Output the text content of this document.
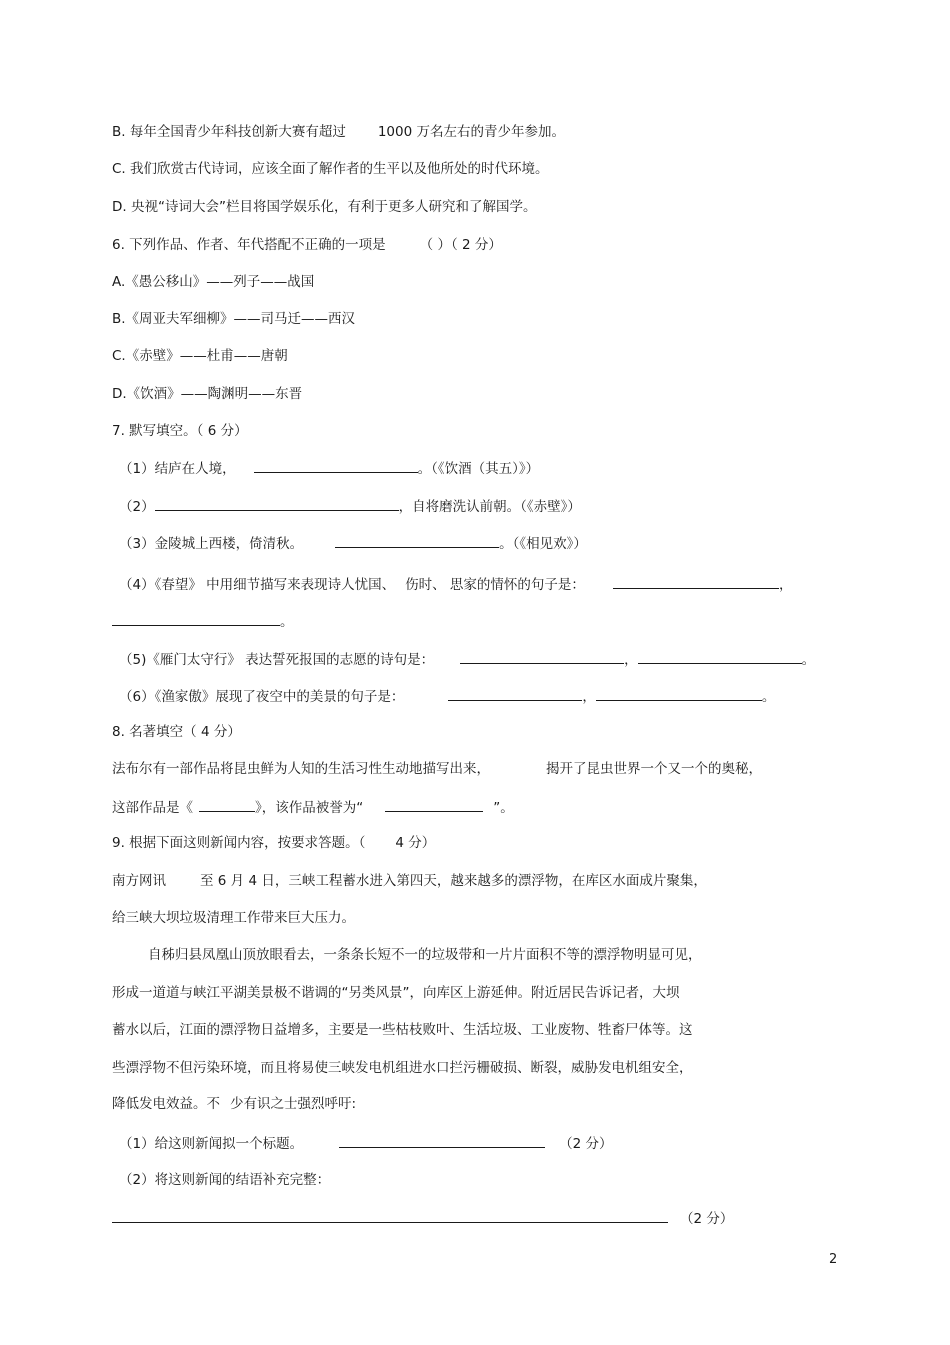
B. 每年全国青少年科技创新大赛有超过 1000 万名左右的青少年参加。
C. 我们欣赏古代诗词，应该全面了解作者的生平以及他所处的时代环境。
D. 央视“诗词大会”栏目将国学娱乐化，有利于更多人研究和了解国学。
6. 下列作品、作者、年代搭配不正确的一项是	（ ）（ 2 分）
A.《愚公移山》——列子——战国
B.《周亚夫军细柳》——司马迁——西汉
C.《赤壁》——杜甫——唐朝
D.《饮酒》——陶渊明——东晋
7. 默写填空。（ 6 分）
（1）结庐在人境，	。（《饮酒（其五）》）
（2）	，自将磨洗认前朝。（《赤壁》）
（3）金陵城上西楼，倚清秋。	。（《相见欢》）
（4）《春望》 中用细节描写来表现诗人忧国、 伤时、 思家的情怀的句子是：	，
。
（5)《雁门太守行》 表达誓死报国的志愿的诗句是：	，	。
（6）《渔家傲》展现了夜空中的美景的句子是：	，	。
8. 名著填空（ 4 分）
法布尔有一部作品将昆虫鲜为人知的生活习性生动地描写出来，	揭开了昆虫世界一个又一个的奥秘，
这部作品是《	》，该作品被誉为“	”。
9. 根据下面这则新闻内容，按要求答题。（ 4 分）
南方网讯	至 6 月 4 日，三峡工程蓄水进入第四天，越来越多的漂浮物，在库区水面成片聚集，
给三峡大坝垃圾清理工作带来巨大压力。
自秭归县凤凰山顶放眼看去，一条条长短不一的垃圾带和一片片面积不等的漂浮物明显可见，
形成一道道与峡江平湖美景极不谐调的“另类风景”，向库区上游延伸。附近居民告诉记者，大坝
蓄水以后，江面的漂浮物日益增多，主要是一些枯枝败叶、生活垃圾、工业废物、牲畜尸体等。这
些漂浮物不但污染环境，而且将易使三峡发电机组进水口拦污栅破损、断裂，威胁发电机组安全，
降低发电效益。不 少有识之士强烈呼吁:
（1）给这则新闻拟一个标题。	（2 分）
（2）将这则新闻的结语补充完整：
（2 分）
2
